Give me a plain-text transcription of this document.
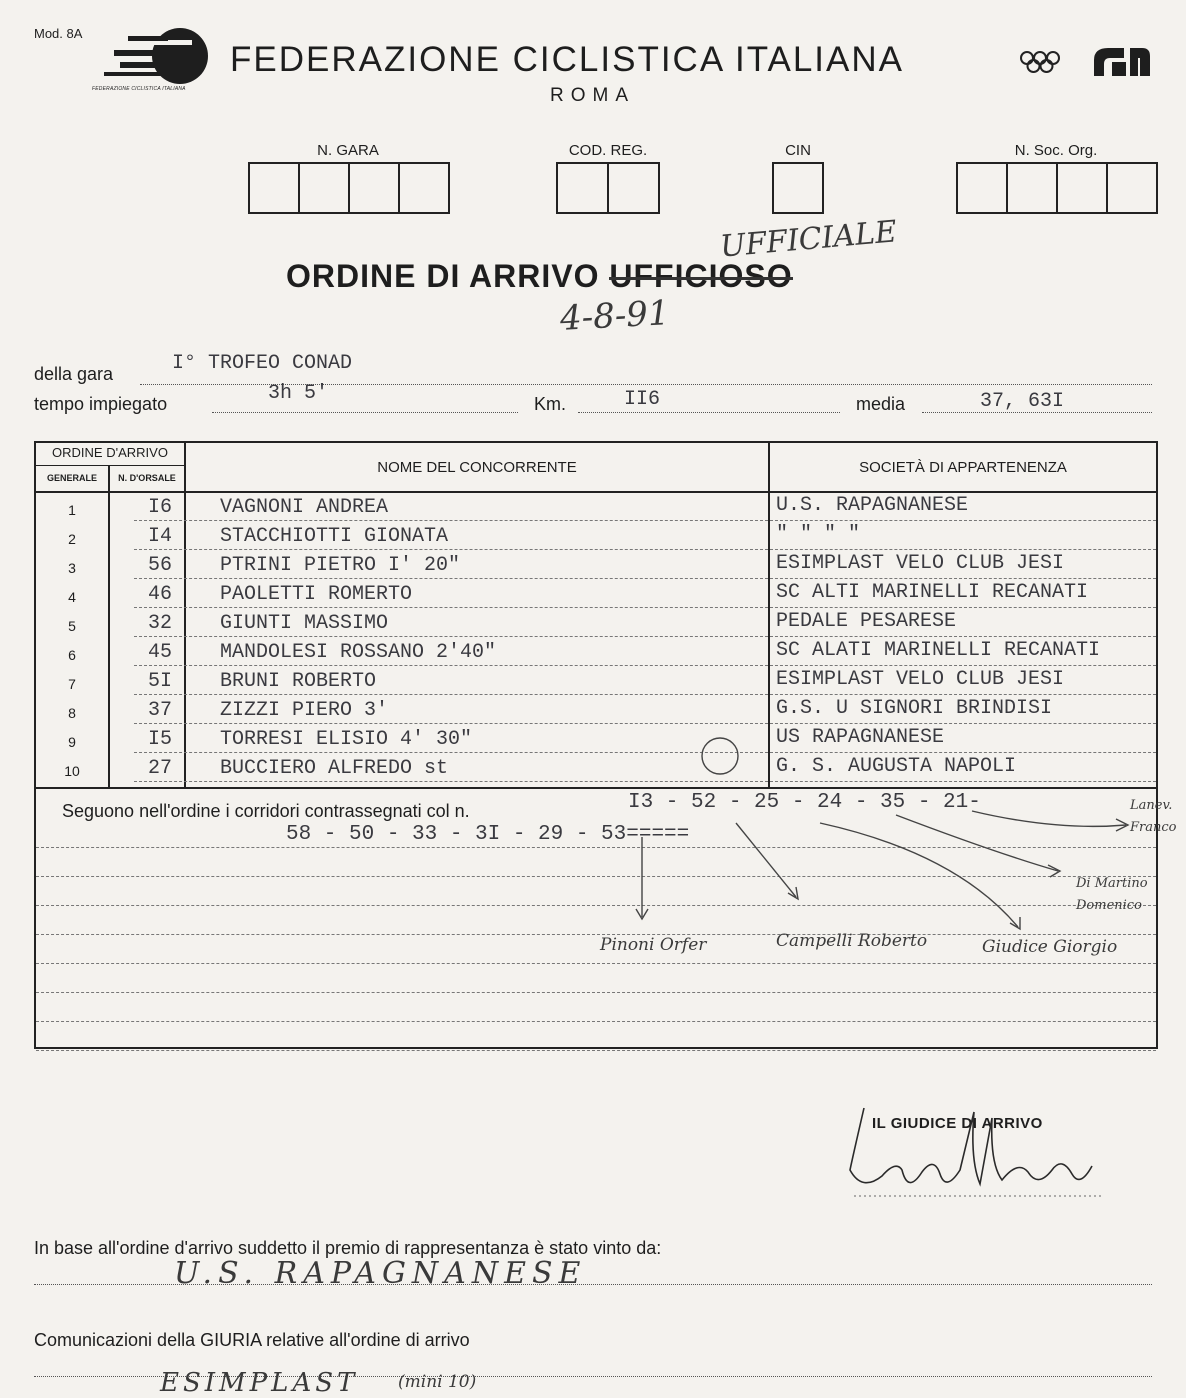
Mod. 8A
FEDERAZIONE CICLISTICA ITALIANA
FEDERAZIONE CICLISTICA ITALIANA
ROMA
N. GARA	COD. REG.	CIN	N. Soc. Org.
ORDINE DI ARRIVO UFFICIOSO
UFFICIALE
4-8-91
della gara	I° TROFEO CONAD
tempo impiegato	3h 5'	Km.	II6	media	37, 63I
ORDINE D'ARRIVO
GENERALE	N. D'ORSALE
NOME DEL CONCORRENTE	SOCIETÀ DI APPARTENENZA
1	I6 VAGNONI ANDREA	U.S. RAPAGNANESE
2	I4 STACCHIOTTI GIONATA	" " " "
3	56 PTRINI PIETRO I' 20"	ESIMPLAST VELO CLUB JESI
4	46 PAOLETTI ROMERTO	SC ALTI MARINELLI RECANATI
5	32 GIUNTI MASSIMO	PEDALE PESARESE
6	45 MANDOLESI ROSSANO 2'40"	SC ALATI MARINELLI RECANATI
7	5I BRUNI ROBERTO	ESIMPLAST VELO CLUB JESI
8	37 ZIZZI PIERO 3'	G.S. U SIGNORI BRINDISI
9	I5 TORRESI ELISIO 4' 30"	US RAPAGNANESE
10	27 BUCCIERO ALFREDO st	G. S. AUGUSTA NAPOLI
Seguono nell'ordine i corridori contrassegnati col n.	I3 - 52 - 25 - 24 - 35 - 21-
58 - 50 - 33 - 3I - 29 - 53=====
Pinoni Orfer	Campelli Roberto	Giudice Giorgio
Di Martino Domenico
Lanev. Franco
IL GIUDICE DI ARRIVO
In base all'ordine d'arrivo suddetto il premio di rappresentanza è stato vinto da:
U.S. RAPAGNANESE
Comunicazioni della GIURIA relative all'ordine di arrivo
ESIMPLAST (mini 10)
